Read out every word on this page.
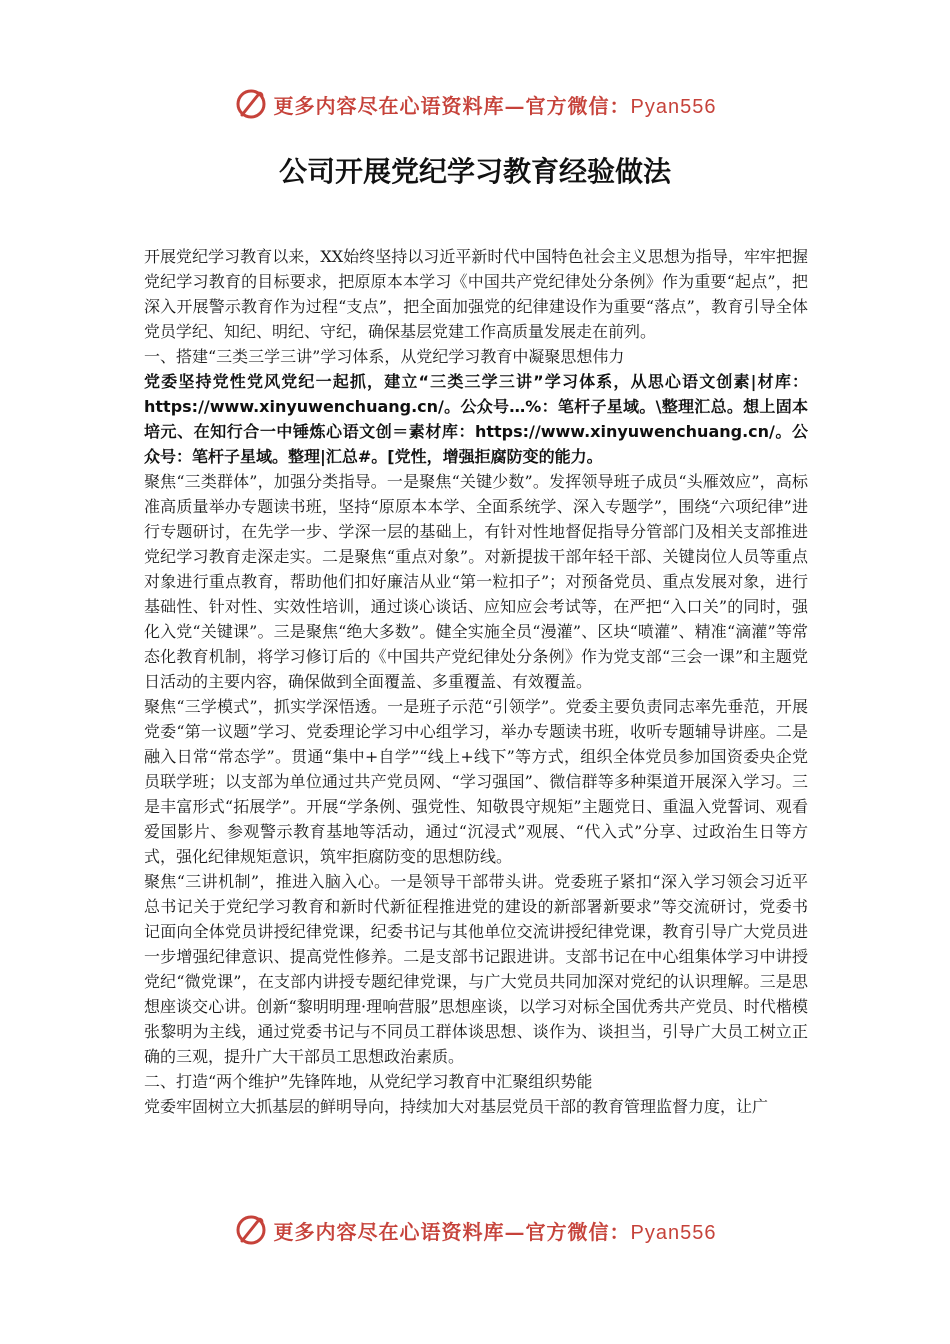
更多内容尽在心语资料库—官方微信：Pyan556
公司开展党纪学习教育经验做法

开展党纪学习教育以来，XX始终坚持以习近平新时代中国特色社会主义思想为指导，牢牢把握党纪学习教育的目标要求，把原原本本学习《中国共产党纪律处分条例》作为重要“起点”，把深入开展警示教育作为过程“支点”，把全面加强党的纪律建设作为重要“落点”，教育引导全体党员学纪、知纪、明纪、守纪，确保基层党建工作高质量发展走在前列。

一、搭建“三类三学三讲”学习体系，从党纪学习教育中凝聚思想伟力

党委坚持党性党风党纪一起抓，建立“三类三学三讲”学习体系，从思心语文创素|材库：https://www.xinyuwenchuang.cn/。公众号…%：笔杆子星域。\整理汇总。想上固本培元、在知行合一中锤炼心语文创＝素材库：https://www.xinyuwenchuang.cn/。公众号：笔杆子星域。整理|汇总#。[党性，增强拒腐防变的能力。

聚焦“三类群体”，加强分类指导。一是聚焦“关键少数”。发挥领导班子成员“头雁效应”，高标准高质量举办专题读书班，坚持“原原本本学、全面系统学、深入专题学”，围绕“六项纪律”进行专题研讨，在先学一步、学深一层的基础上，有针对性地督促指导分管部门及相关支部推进党纪学习教育走深走实。二是聚焦“重点对象”。对新提拔干部年轻干部、关键岗位人员等重点对象进行重点教育，帮助他们扣好廉洁从业“第一粒扣子”；对预备党员、重点发展对象，进行基础性、针对性、实效性培训，通过谈心谈话、应知应会考试等，在严把“入口关”的同时，强化入党“关键课”。三是聚焦“绝大多数”。健全实施全员“漫灌”、区块“喷灌”、精准“滴灌”等常态化教育机制，将学习修订后的《中国共产党纪律处分条例》作为党支部“三会一课”和主题党日活动的主要内容，确保做到全面覆盖、多重覆盖、有效覆盖。

聚焦“三学模式”，抓实学深悟透。一是班子示范“引领学”。党委主要负责同志率先垂范，开展党委“第一议题”学习、党委理论学习中心组学习，举办专题读书班，收听专题辅导讲座。二是融入日常“常态学”。贯通“集中+自学”“线上+线下”等方式，组织全体党员参加国资委央企党员联学班；以支部为单位通过共产党员网、“学习强国”、微信群等多种渠道开展深入学习。三是丰富形式“拓展学”。开展“学条例、强党性、知敬畏守规矩”主题党日、重温入党誓词、观看爱国影片、参观警示教育基地等活动，通过“沉浸式”观展、“代入式”分享、过政治生日等方式，强化纪律规矩意识，筑牢拒腐防变的思想防线。

聚焦“三讲机制”，推进入脑入心。一是领导干部带头讲。党委班子紧扣“深入学习领会习近平总书记关于党纪学习教育和新时代新征程推进党的建设的新部署新要求”等交流研讨，党委书记面向全体党员讲授纪律党课，纪委书记与其他单位交流讲授纪律党课，教育引导广大党员进一步增强纪律意识、提高党性修养。二是支部书记跟进讲。支部书记在中心组集体学习中讲授党纪“微党课”，在支部内讲授专题纪律党课，与广大党员共同加深对党纪的认识理解。三是思想座谈交心讲。创新“黎明明理·理响营服”思想座谈，以学习对标全国优秀共产党员、时代楷模张黎明为主线，通过党委书记与不同员工群体谈思想、谈作为、谈担当，引导广大员工树立正确的三观，提升广大干部员工思想政治素质。

二、打造“两个维护”先锋阵地，从党纪学习教育中汇聚组织势能

党委牢固树立大抓基层的鲜明导向，持续加大对基层党员干部的教育管理监督力度，让广

更多内容尽在心语资料库—官方微信：Pyan556
